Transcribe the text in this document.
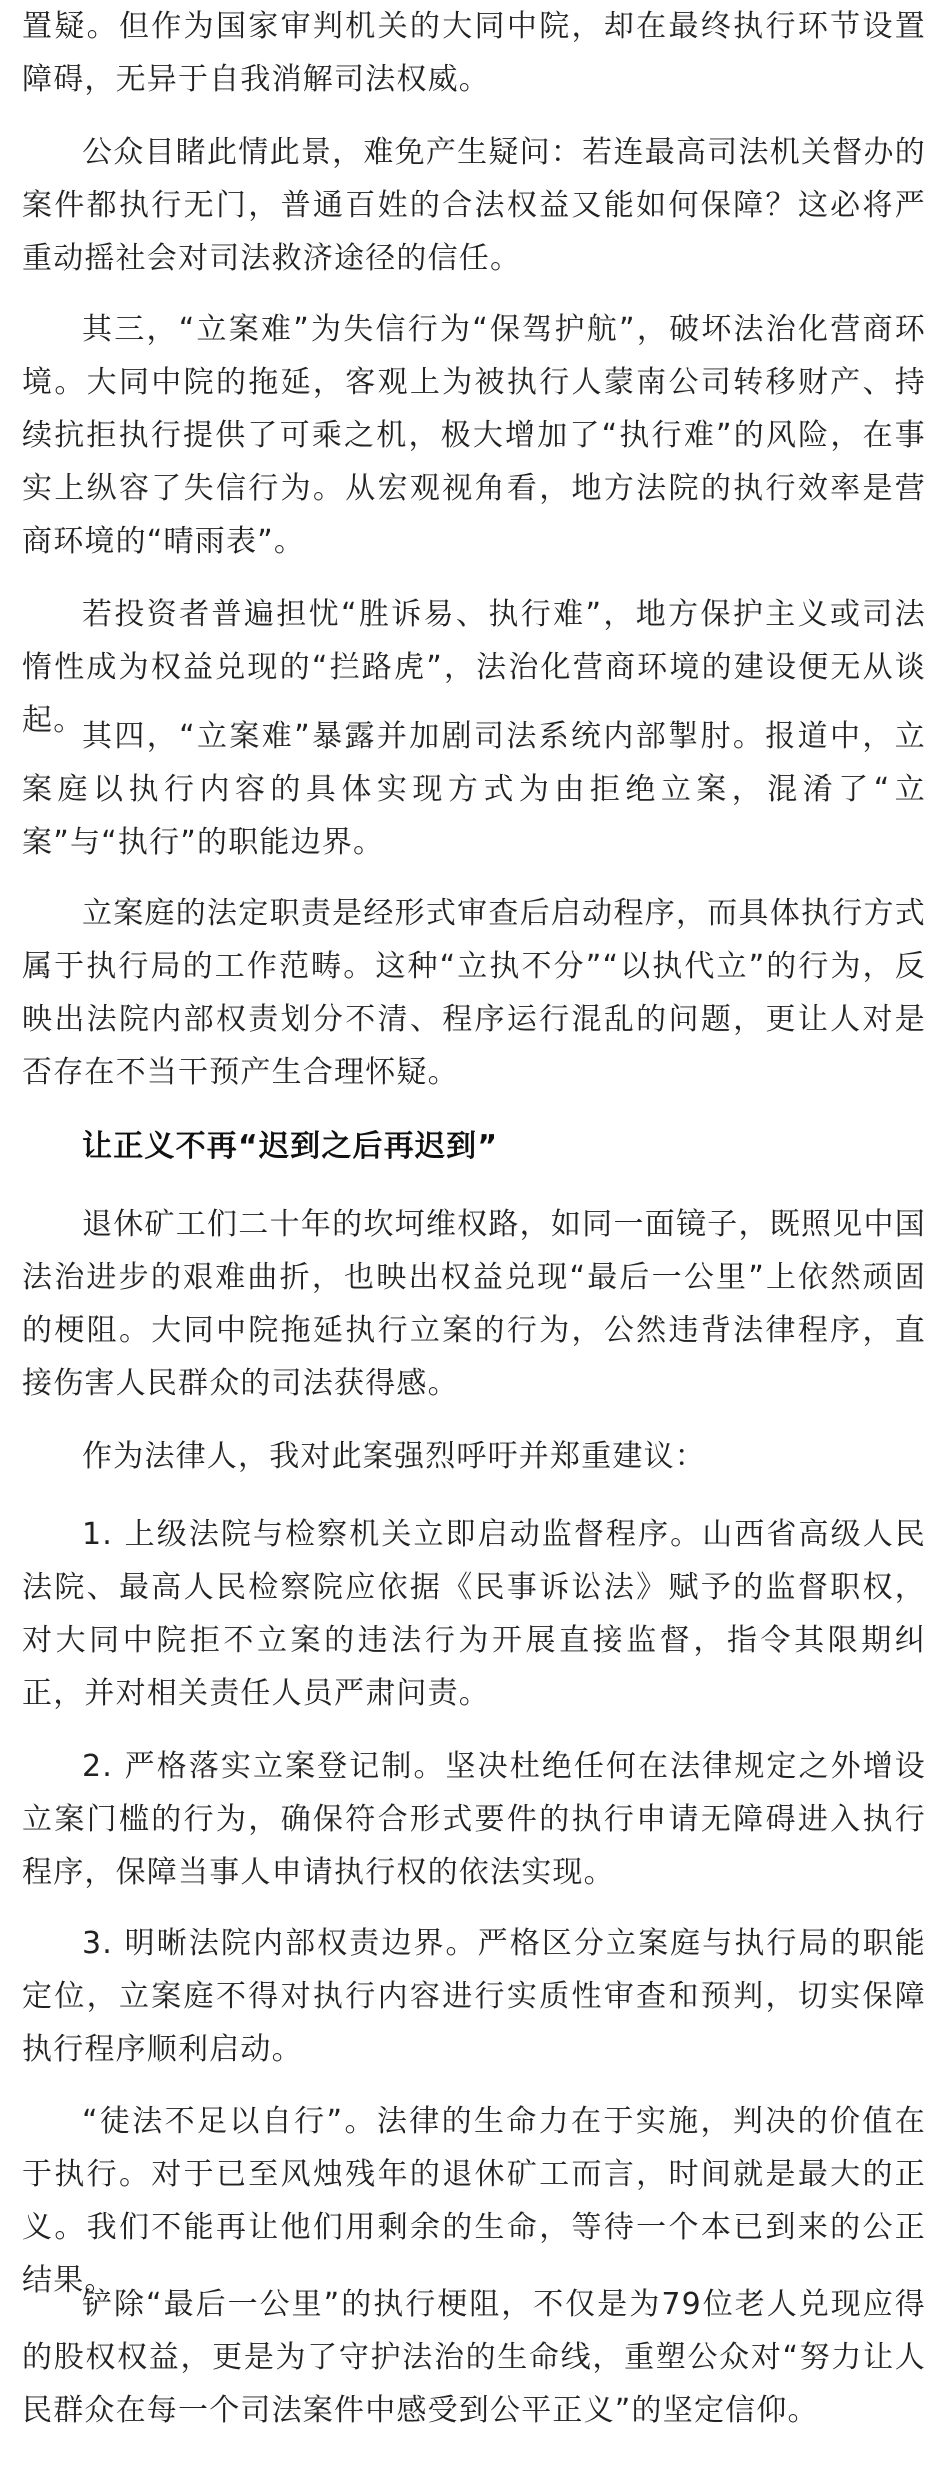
置疑。但作为国家审判机关的大同中院，却在最终执行环节设置障碍，无异于自我消解司法权威。

公众目睹此情此景，难免产生疑问：若连最高司法机关督办的案件都执行无门，普通百姓的合法权益又能如何保障？这必将严重动摇社会对司法救济途径的信任。

其三，“立案难”为失信行为“保驾护航”，破坏法治化营商环境。大同中院的拖延，客观上为被执行人蒙南公司转移财产、持续抗拒执行提供了可乘之机，极大增加了“执行难”的风险，在事实上纵容了失信行为。从宏观视角看，地方法院的执行效率是营商环境的“晴雨表”。

若投资者普遍担忧“胜诉易、执行难”，地方保护主义或司法惰性成为权益兑现的“拦路虎”，法治化营商环境的建设便无从谈起。

其四，“立案难”暴露并加剧司法系统内部掣肘。报道中，立案庭以执行内容的具体实现方式为由拒绝立案，混淆了“立案”与“执行”的职能边界。

立案庭的法定职责是经形式审查后启动程序，而具体执行方式属于执行局的工作范畴。这种“立执不分”“以执代立”的行为，反映出法院内部权责划分不清、程序运行混乱的问题，更让人对是否存在不当干预产生合理怀疑。

让正义不再“迟到之后再迟到”

退休矿工们二十年的坎坷维权路，如同一面镜子，既照见中国法治进步的艰难曲折，也映出权益兑现“最后一公里”上依然顽固的梗阻。大同中院拖延执行立案的行为，公然违背法律程序，直接伤害人民群众的司法获得感。

作为法律人，我对此案强烈呼吁并郑重建议：

1. 上级法院与检察机关立即启动监督程序。山西省高级人民法院、最高人民检察院应依据《民事诉讼法》赋予的监督职权，对大同中院拒不立案的违法行为开展直接监督，指令其限期纠正，并对相关责任人员严肃问责。

2. 严格落实立案登记制。坚决杜绝任何在法律规定之外增设立案门槛的行为，确保符合形式要件的执行申请无障碍进入执行程序，保障当事人申请执行权的依法实现。

3. 明晰法院内部权责边界。严格区分立案庭与执行局的职能定位，立案庭不得对执行内容进行实质性审查和预判，切实保障执行程序顺利启动。

“徒法不足以自行”。法律的生命力在于实施，判决的价值在于执行。对于已至风烛残年的退休矿工而言，时间就是最大的正义。我们不能再让他们用剩余的生命，等待一个本已到来的公正结果。

铲除“最后一公里”的执行梗阻，不仅是为79位老人兑现应得的股权权益，更是为了守护法治的生命线，重塑公众对“努力让人民群众在每一个司法案件中感受到公平正义”的坚定信仰。
